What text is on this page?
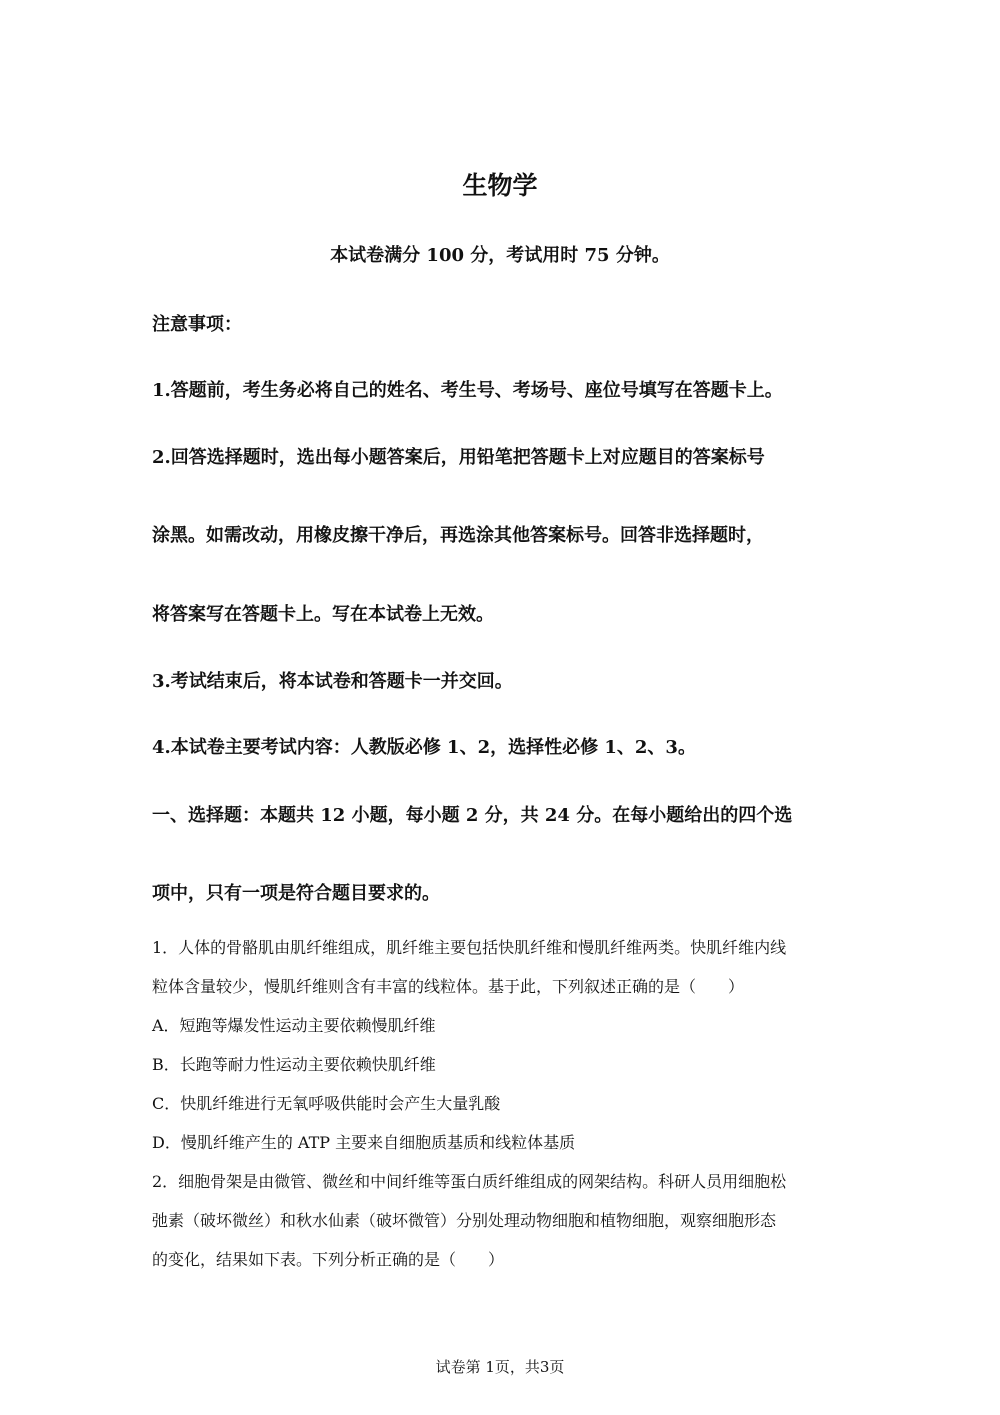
生物学
本试卷满分 100 分，考试用时 75 分钟。
注意事项：
1.答题前，考生务必将自己的姓名、考生号、考场号、座位号填写在答题卡上。
2.回答选择题时，选出每小题答案后，用铅笔把答题卡上对应题目的答案标号
涂黑。如需改动，用橡皮擦干净后，再选涂其他答案标号。回答非选择题时，
将答案写在答题卡上。写在本试卷上无效。
3.考试结束后，将本试卷和答题卡一并交回。
4.本试卷主要考试内容：人教版必修 1、2，选择性必修 1、2、3。
一、选择题：本题共 12 小题，每小题 2 分，共 24 分。在每小题给出的四个选
项中，只有一项是符合题目要求的。
1．人体的骨骼肌由肌纤维组成，肌纤维主要包括快肌纤维和慢肌纤维两类。快肌纤维内线
粒体含量较少，慢肌纤维则含有丰富的线粒体。基于此，下列叙述正确的是（　　）
A．短跑等爆发性运动主要依赖慢肌纤维
B．长跑等耐力性运动主要依赖快肌纤维
C．快肌纤维进行无氧呼吸供能时会产生大量乳酸
D．慢肌纤维产生的 ATP 主要来自细胞质基质和线粒体基质
2．细胞骨架是由微管、微丝和中间纤维等蛋白质纤维组成的网架结构。科研人员用细胞松
弛素（破坏微丝）和秋水仙素（破坏微管）分别处理动物细胞和植物细胞，观察细胞形态
的变化，结果如下表。下列分析正确的是（　　）
试卷第 1页，共3页
